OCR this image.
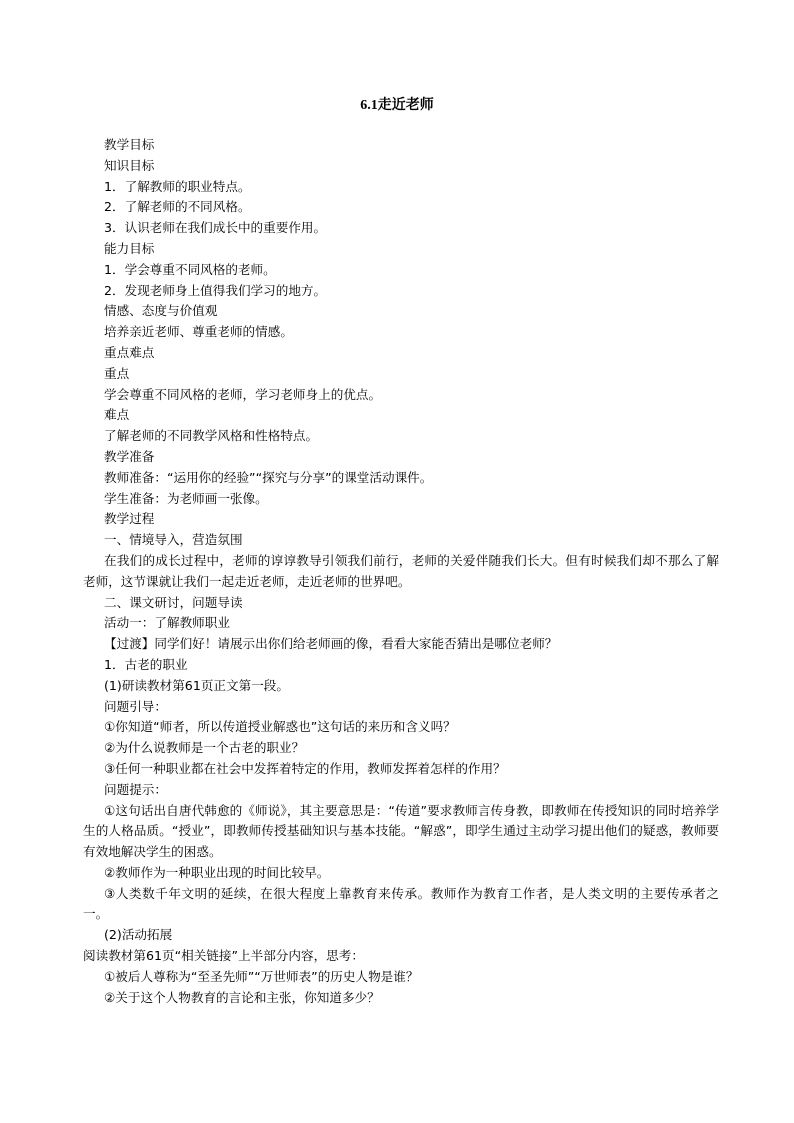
6.1走近老师

教学目标

知识目标

1．了解教师的职业特点。

2．了解老师的不同风格。

3．认识老师在我们成长中的重要作用。

能力目标

1．学会尊重不同风格的老师。

2．发现老师身上值得我们学习的地方。

情感、态度与价值观

培养亲近老师、尊重老师的情感。

重点难点

重点

学会尊重不同风格的老师，学习老师身上的优点。

难点

了解老师的不同教学风格和性格特点。

教学准备

教师准备：“运用你的经验”“探究与分享”的课堂活动课件。

学生准备：为老师画一张像。

教学过程

一、情境导入，营造氛围

在我们的成长过程中，老师的谆谆教导引领我们前行，老师的关爱伴随我们长大。但有时候我们却不那么了解老师，这节课就让我们一起走近老师，走近老师的世界吧。

二、课文研讨，问题导读

活动一：了解教师职业

【过渡】同学们好！请展示出你们给老师画的像，看看大家能否猜出是哪位老师？

1．古老的职业

(1)研读教材第61页正文第一段。

问题引导：

①你知道“师者，所以传道授业解惑也”这句话的来历和含义吗？

②为什么说教师是一个古老的职业？

③任何一种职业都在社会中发挥着特定的作用，教师发挥着怎样的作用？

问题提示：

①这句话出自唐代韩愈的《师说》，其主要意思是：“传道”要求教师言传身教，即教师在传授知识的同时培养学生的人格品质。“授业”，即教师传授基础知识与基本技能。“解惑”，即学生通过主动学习提出他们的疑惑，教师要有效地解决学生的困惑。

②教师作为一种职业出现的时间比较早。

③人类数千年文明的延续，在很大程度上靠教育来传承。教师作为教育工作者，是人类文明的主要传承者之一。

(2)活动拓展

阅读教材第61页“相关链接”上半部分内容，思考：

①被后人尊称为“至圣先师”“万世师表”的历史人物是谁？

②关于这个人物教育的言论和主张，你知道多少？
